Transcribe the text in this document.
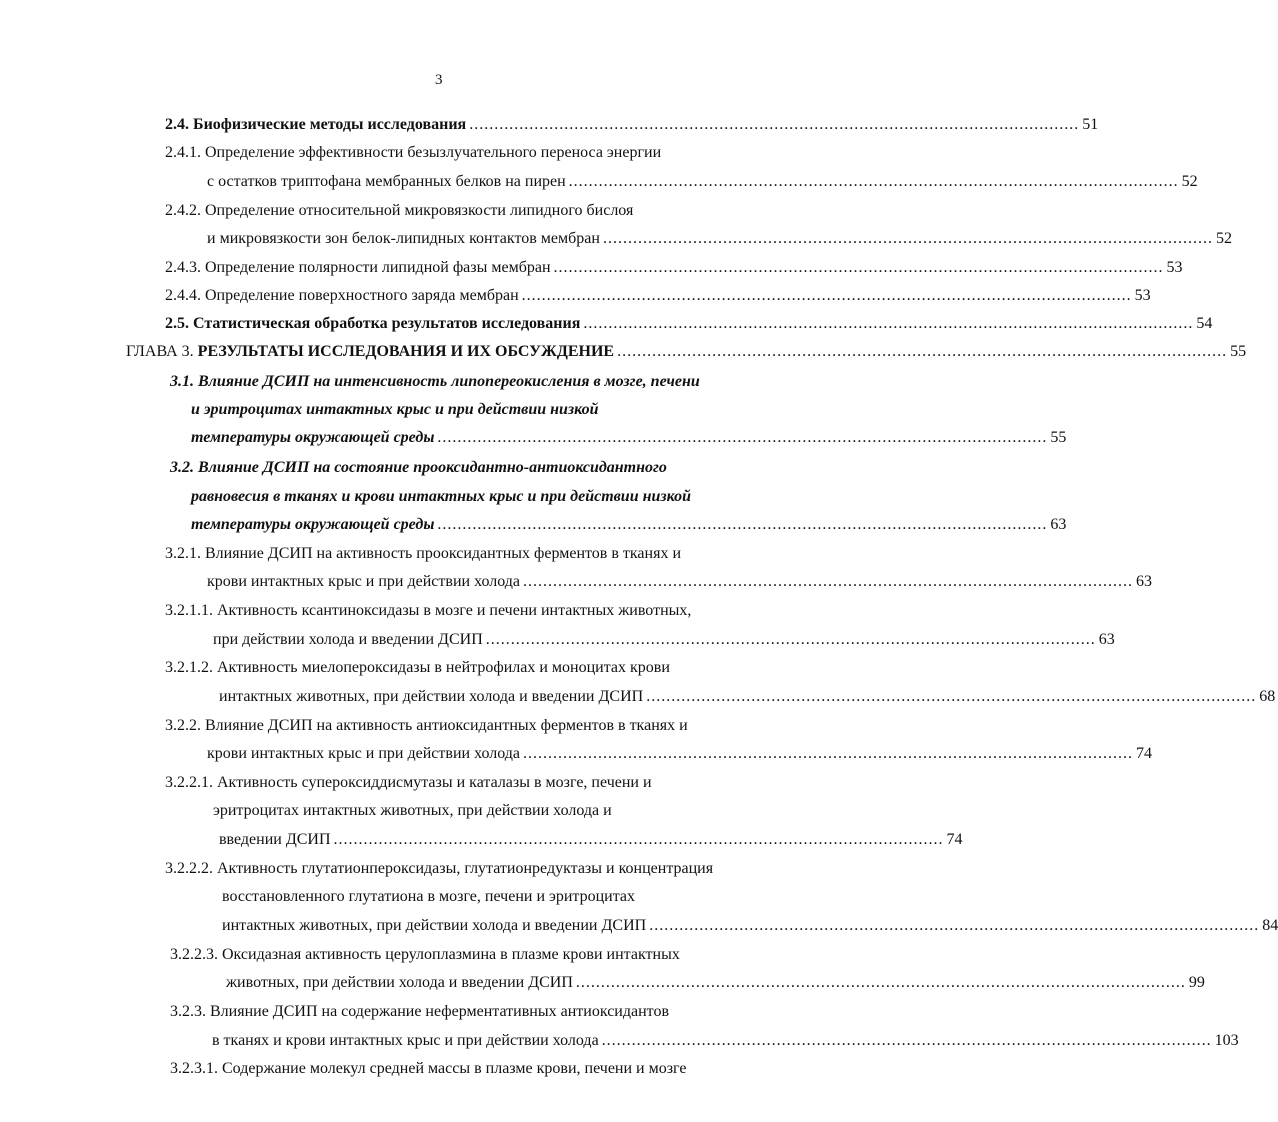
3
2.4. Биофизические методы исследования .......................................................................................................................... 51
2.4.1. Определение эффективности безызлучательного переноса энергии
с остатков триптофана мембранных белков на пирен .......................................................................................................................... 52
2.4.2. Определение относительной микровязкости липидного бислоя
и микровязкости зон белок-липидных контактов мембран .......................................................................................................................... 52
2.4.3. Определение полярности липидной фазы мембран .......................................................................................................................... 53
2.4.4. Определение поверхностного заряда мембран .......................................................................................................................... 53
2.5. Статистическая обработка результатов исследования .......................................................................................................................... 54
ГЛАВА 3. РЕЗУЛЬТАТЫ ИССЛЕДОВАНИЯ И ИХ ОБСУЖДЕНИЕ .......................................................................................................................... 55
3.1. Влияние ДСИП на интенсивность липопереокисления в мозге, печени
и эритроцитах интактных крыс и при действии низкой
температуры окружающей среды .......................................................................................................................... 55
3.2. Влияние ДСИП на состояние прооксидантно-антиоксидантного
равновесия в тканях и крови интактных крыс и при действии низкой
температуры окружающей среды .......................................................................................................................... 63
3.2.1. Влияние ДСИП на активность прооксидантных ферментов в тканях и
крови интактных крыс и при действии холода .......................................................................................................................... 63
3.2.1.1. Активность ксантиноксидазы в мозге и печени интактных животных,
при действии холода и введении ДСИП .......................................................................................................................... 63
3.2.1.2. Активность миелопероксидазы в нейтрофилах и моноцитах крови
интактных животных, при действии холода и введении ДСИП .......................................................................................................................... 68
3.2.2. Влияние ДСИП на активность антиоксидантных ферментов в тканях и
крови интактных крыс и при действии холода .......................................................................................................................... 74
3.2.2.1. Активность супероксиддисмутазы и каталазы в мозге, печени и
эритроцитах интактных животных, при действии холода и
введении ДСИП .......................................................................................................................... 74
3.2.2.2. Активность глутатионпероксидазы, глутатионредуктазы и концентрация
восстановленного глутатиона в мозге, печени и эритроцитах
интактных животных, при действии холода и введении ДСИП .......................................................................................................................... 84
3.2.2.3. Оксидазная активность церулоплазмина в плазме крови интактных
животных, при действии холода и введении ДСИП .......................................................................................................................... 99
3.2.3. Влияние ДСИП на содержание неферментативных антиоксидантов
в тканях и крови интактных крыс и при действии холода .......................................................................................................................... 103
3.2.3.1. Содержание молекул средней массы в плазме крови, печени и мозге
